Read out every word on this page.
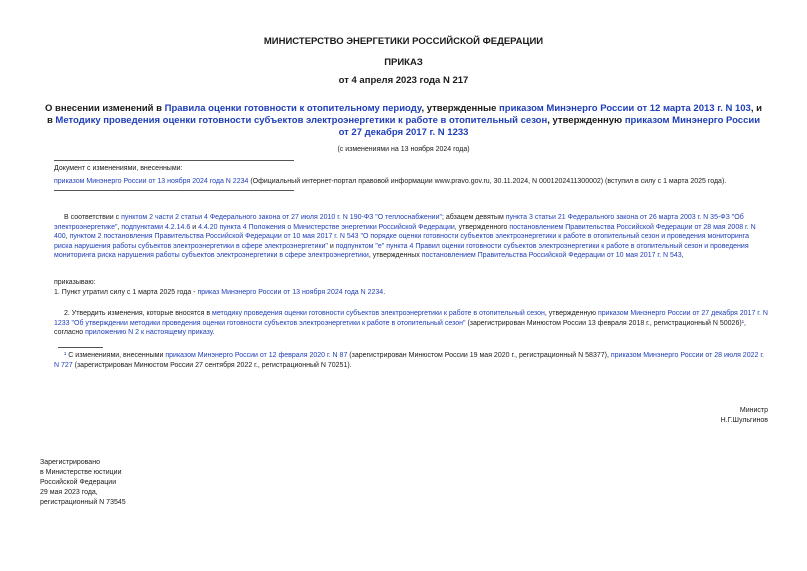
МИНИСТЕРСТВО ЭНЕРГЕТИКИ РОССИЙСКОЙ ФЕДЕРАЦИИ
ПРИКАЗ
от 4 апреля 2023 года N 217
О внесении изменений в Правила оценки готовности к отопительному периоду, утвержденные приказом Минэнерго России от 12 марта 2013 г. N 103, и в Методику проведения оценки готовности субъектов электроэнергетики к работе в отопительный сезон, утвержденную приказом Минэнерго России от 27 декабря 2017 г. N 1233
(с изменениями на 13 ноября 2024 года)
Документ с изменениями, внесенными:
приказом Минэнерго России от 13 ноября 2024 года N 2234 (Официальный интернет-портал правовой информации www.pravo.gov.ru, 30.11.2024, N 0001202411300002) (вступил в силу с 1 марта 2025 года).
В соответствии с пунктом 2 части 2 статьи 4 Федерального закона от 27 июля 2010 г. N 190-ФЗ "О теплоснабжении"; абзацем девятым пункта 3 статьи 21 Федерального закона от 26 марта 2003 г. N 35-ФЗ "Об электроэнергетике", подпунктами 4.2.14.6 и 4.4.20 пункта 4 Положения о Министерстве энергетики Российской Федерации, утвержденного постановлением Правительства Российской Федерации от 28 мая 2008 г. N 400, пунктом 2 постановления Правительства Российской Федерации от 10 мая 2017 г. N 543 "О порядке оценки готовности субъектов электроэнергетики к работе в отопительный сезон и проведения мониторинга риска нарушения работы субъектов электроэнергетики в сфере электроэнергетики" и подпунктом "е" пункта 4 Правил оценки готовности субъектов электроэнергетики к работе в отопительный сезон и проведения мониторинга риска нарушения работы субъектов электроэнергетики в сфере электроэнергетики, утвержденных постановлением Правительства Российской Федерации от 10 мая 2017 г. N 543,
приказываю:
1. Пункт утратил силу с 1 марта 2025 года - приказ Минэнерго России от 13 ноября 2024 года N 2234.
2. Утвердить изменения, которые вносятся в методику проведения оценки готовности субъектов электроэнергетики к работе в отопительный сезон, утвержденную приказом Минэнерго России от 27 декабря 2017 г. N 1233 "Об утверждении методики проведения оценки готовности субъектов электроэнергетики к работе в отопительный сезон" (зарегистрирован Минюстом России 13 февраля 2018 г., регистрационный N 50026)¹, согласно приложению N 2 к настоящему приказу.
¹ С изменениями, внесенными приказом Минэнерго России от 12 февраля 2020 г. N 87 (зарегистрирован Минюстом России 19 мая 2020 г., регистрационный N 58377), приказом Минэнерго России от 28 июля 2022 г. N 727 (зарегистрирован Минюстом России 27 сентября 2022 г., регистрационный N 70251).
Министр
Н.Г.Шульгинов
Зарегистрировано
в Министерстве юстиции
Российской Федерации
29 мая 2023 года,
регистрационный N 73545
